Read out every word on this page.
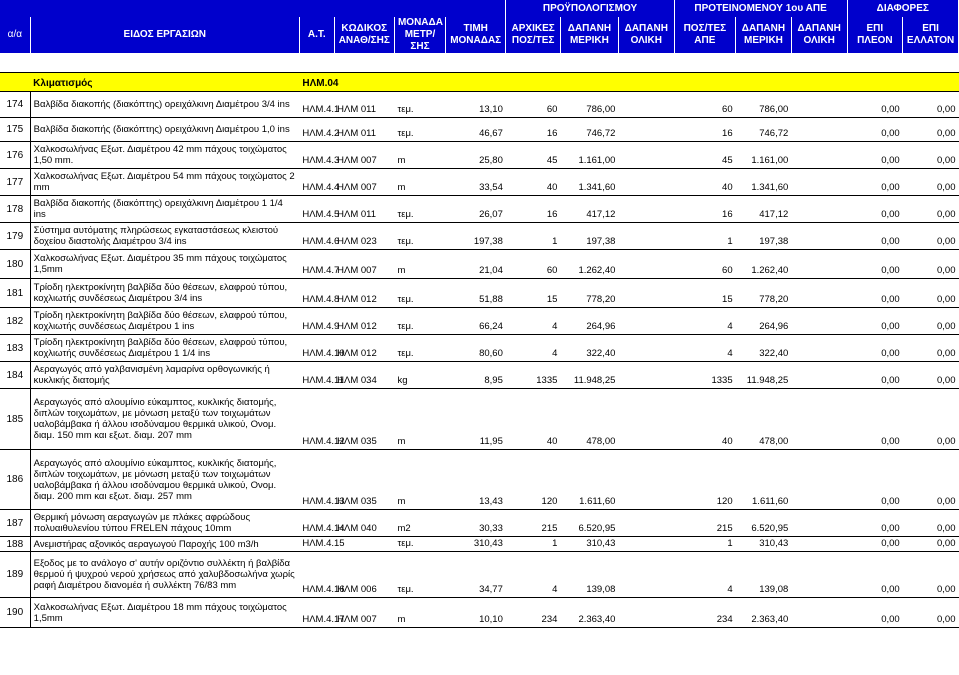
						ΠΡΟΫΠΟΛΟΓΙΣΜΟΥ			ΠΡΟΤΕΙΝΟΜΕΝΟΥ 1ου ΑΠΕ			ΔΙΑΦΟΡΕΣ	
α/α	ΕΙΔΟΣ ΕΡΓΑΣΙΩΝ	Α.Τ.	ΚΩΔΙΚΟΣ ΑΝΑΘ/ΣΗΣ	ΜΟΝΑΔΑ ΜΕΤΡ/ΣΗΣ	ΤΙΜΗ ΜΟΝΑΔΑΣ	ΑΡΧΙΚΕΣ ΠΟΣ/ΤΕΣ	ΔΑΠΑΝΗ ΜΕΡΙΚΗ	ΔΑΠΑΝΗ ΟΛΙΚΗ	ΠΟΣ/ΤΕΣ ΑΠΕ	ΔΑΠΑΝΗ ΜΕΡΙΚΗ	ΔΑΠΑΝΗ ΟΛΙΚΗ	ΕΠΙ ΠΛΕΟΝ	ΕΠΙ ΕΛΛΑΤΟΝ

	Κλιματισμός	ΗΛΜ.04											
174	Βαλβίδα διακοπής (διακόπτης) ορειχάλκινη Διαμέτρου 3/4 ins	ΗΛΜ.4.1	ΗΛΜ 011	τεμ.	13,10	60	786,00		60	786,00		0,00	0,00
175	Βαλβίδα διακοπής (διακόπτης) ορειχάλκινη Διαμέτρου 1,0 ins	ΗΛΜ.4.2	ΗΛΜ 011	τεμ.	46,67	16	746,72		16	746,72		0,00	0,00
176	Χαλκοσωλήνας Εξωτ. Διαμέτρου 42 mm πάχους τοιχώματος 1,50 mm.	ΗΛΜ.4.3	ΗΛΜ 007	m	25,80	45	1.161,00		45	1.161,00		0,00	0,00
177	Χαλκοσωλήνας Εξωτ. Διαμέτρου 54 mm πάχους τοιχώματος 2 mm	ΗΛΜ.4.4	ΗΛΜ 007	m	33,54	40	1.341,60		40	1.341,60		0,00	0,00
178	Βαλβίδα διακοπής (διακόπτης) ορειχάλκινη Διαμέτρου 1 1/4 ins	ΗΛΜ.4.5	ΗΛΜ 011	τεμ.	26,07	16	417,12		16	417,12		0,00	0,00
179	Σύστημα αυτόματης πληρώσεως εγκαταστάσεως κλειστού δοχείου διαστολής Διαμέτρου 3/4 ins	ΗΛΜ.4.6	ΗΛΜ 023	τεμ.	197,38	1	197,38		1	197,38		0,00	0,00
180	Χαλκοσωλήνας Εξωτ. Διαμέτρου 35 mm πάχους τοιχώματος 1,5mm	ΗΛΜ.4.7	ΗΛΜ 007	m	21,04	60	1.262,40		60	1.262,40		0,00	0,00
181	Τρίοδη ηλεκτροκίνητη βαλβίδα δύο θέσεων, ελαφρού τύπου, κοχλιωτής συνδέσεως Διαμέτρου 3/4 ins	ΗΛΜ.4.8	ΗΛΜ 012	τεμ.	51,88	15	778,20		15	778,20		0,00	0,00
182	Τρίοδη ηλεκτροκίνητη βαλβίδα δύο θέσεων, ελαφρού τύπου, κοχλιωτής συνδέσεως Διαμέτρου 1 ins	ΗΛΜ.4.9	ΗΛΜ 012	τεμ.	66,24	4	264,96		4	264,96		0,00	0,00
183	Τρίοδη ηλεκτροκίνητη βαλβίδα δύο θέσεων, ελαφρού τύπου, κοχλιωτής συνδέσεως Διαμέτρου 1 1/4 ins	ΗΛΜ.4.10	ΗΛΜ 012	τεμ.	80,60	4	322,40		4	322,40		0,00	0,00
184	Αεραγωγός από γαλβανισμένη λαμαρίνα ορθογωνικής ή κυκλικής διατομής	ΗΛΜ.4.11	ΗΛΜ 034	kg	8,95	1335	11.948,25		1335	11.948,25		0,00	0,00
185	Αεραγωγός από αλουμίνιο εύκαμπτος, κυκλικής διατομής, διπλών τοιχωμάτων, με μόνωση μεταξύ των τοιχωμάτων υαλοβάμβακα ή άλλου ισοδύναμου θερμικά υλικού, Ονομ. διαμ. 150 mm και εξωτ. διαμ. 207 mm	ΗΛΜ.4.12	ΗΛΜ 035	m	11,95	40	478,00		40	478,00		0,00	0,00
186	Αεραγωγός από αλουμίνιο εύκαμπτος, κυκλικής διατομής, διπλών τοιχωμάτων, με μόνωση μεταξύ των τοιχωμάτων υαλοβάμβακα ή άλλου ισοδύναμου θερμικά υλικού, Ονομ. διαμ. 200 mm και εξωτ. διαμ. 257 mm	ΗΛΜ.4.13	ΗΛΜ 035	m	13,43	120	1.611,60		120	1.611,60		0,00	0,00
187	Θερμική μόνωση αεραγωγών με πλάκες αφρώδους πολυαιθυλενίου τύπου FRELEN πάχους 10mm	ΗΛΜ.4.14	ΗΛΜ 040	m2	30,33	215	6.520,95		215	6.520,95		0,00	0,00
188	Ανεμιστήρας αξονικός αεραγωγού Παροχής 100 m3/h	ΗΛΜ.4.15		τεμ.	310,43	1	310,43		1	310,43		0,00	0,00
189	Εξοδος με το ανάλογο σ' αυτήν οριζόντιο συλλέκτη ή βαλβίδα θερμού ή ψυχρού νερού χρήσεως από χαλυβδοσωλήνα χωρίς ραφή Διαμέτρου διανομέα ή συλλέκτη 76/83 mm	ΗΛΜ.4.16	ΗΛΜ 006	τεμ.	34,77	4	139,08		4	139,08		0,00	0,00
190	Χαλκοσωλήνας Εξωτ. Διαμέτρου 18 mm πάχους τοιχώματος 1,5mm	ΗΛΜ.4.17	ΗΛΜ 007	m	10,10	234	2.363,40		234	2.363,40		0,00	0,00
